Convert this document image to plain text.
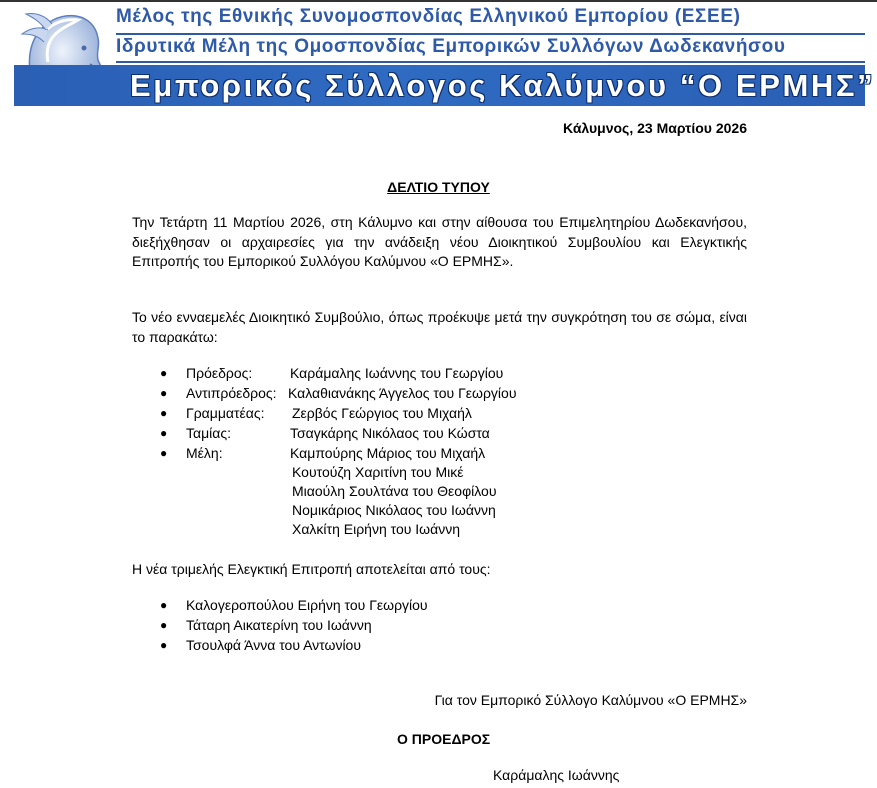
Μέλος της Εθνικής Συνομοσπονδίας Ελληνικού Εμπορίου (ΕΣΕΕ)
Ιδρυτικά Μέλη της Ομοσπονδίας Εμπορικών Συλλόγων Δωδεκανήσου
Εμπορικός Σύλλογος Καλύμνου “Ο ΕΡΜΗΣ”
Κάλυμνος, 23 Μαρτίου 2026
ΔΕΛΤΙΟ ΤΥΠΟΥ
Την Τετάρτη 11 Μαρτίου 2026, στη Κάλυμνο και στην αίθουσα του Επιμελητηρίου Δωδεκανήσου, διεξήχθησαν οι αρχαιρεσίες για την ανάδειξη νέου Διοικητικού Συμβουλίου και Ελεγκτικής Επιτροπής του Εμπορικού Συλλόγου Καλύμνου «Ο ΕΡΜΗΣ».
Το νέο ενναεμελές Διοικητικό Συμβούλιο, όπως προέκυψε μετά την συγκρότηση του σε σώμα, είναι το παρακάτω:
● Πρόεδρος:	Καράμαλης Ιωάννης του Γεωργίου
● Αντιπρόεδρος: Καλαθιανάκης Άγγελος του Γεωργίου
● Γραμματέας: Ζερβός Γεώργιος του Μιχαήλ
● Ταμίας:	Τσαγκάρης Νικόλαος του Κώστα
● Μέλη:	Καμπούρης Μάριος του Μιχαήλ
Κουτούζη Χαριτίνη του Μικέ
Μιαούλη Σουλτάνα του Θεοφίλου
Νομικάριος Νικόλαος του Ιωάννη
Χαλκίτη Ειρήνη του Ιωάννη
Η νέα τριμελής Ελεγκτική Επιτροπή αποτελείται από τους:
● Καλογεροπούλου Ειρήνη του Γεωργίου
● Τάταρη Αικατερίνη του Ιωάννη
● Τσουλφά Άννα του Αντωνίου
Για τον Εμπορικό Σύλλογο Καλύμνου «Ο ΕΡΜΗΣ»
Ο ΠΡΟΕΔΡΟΣ
Καράμαλης Ιωάννης
